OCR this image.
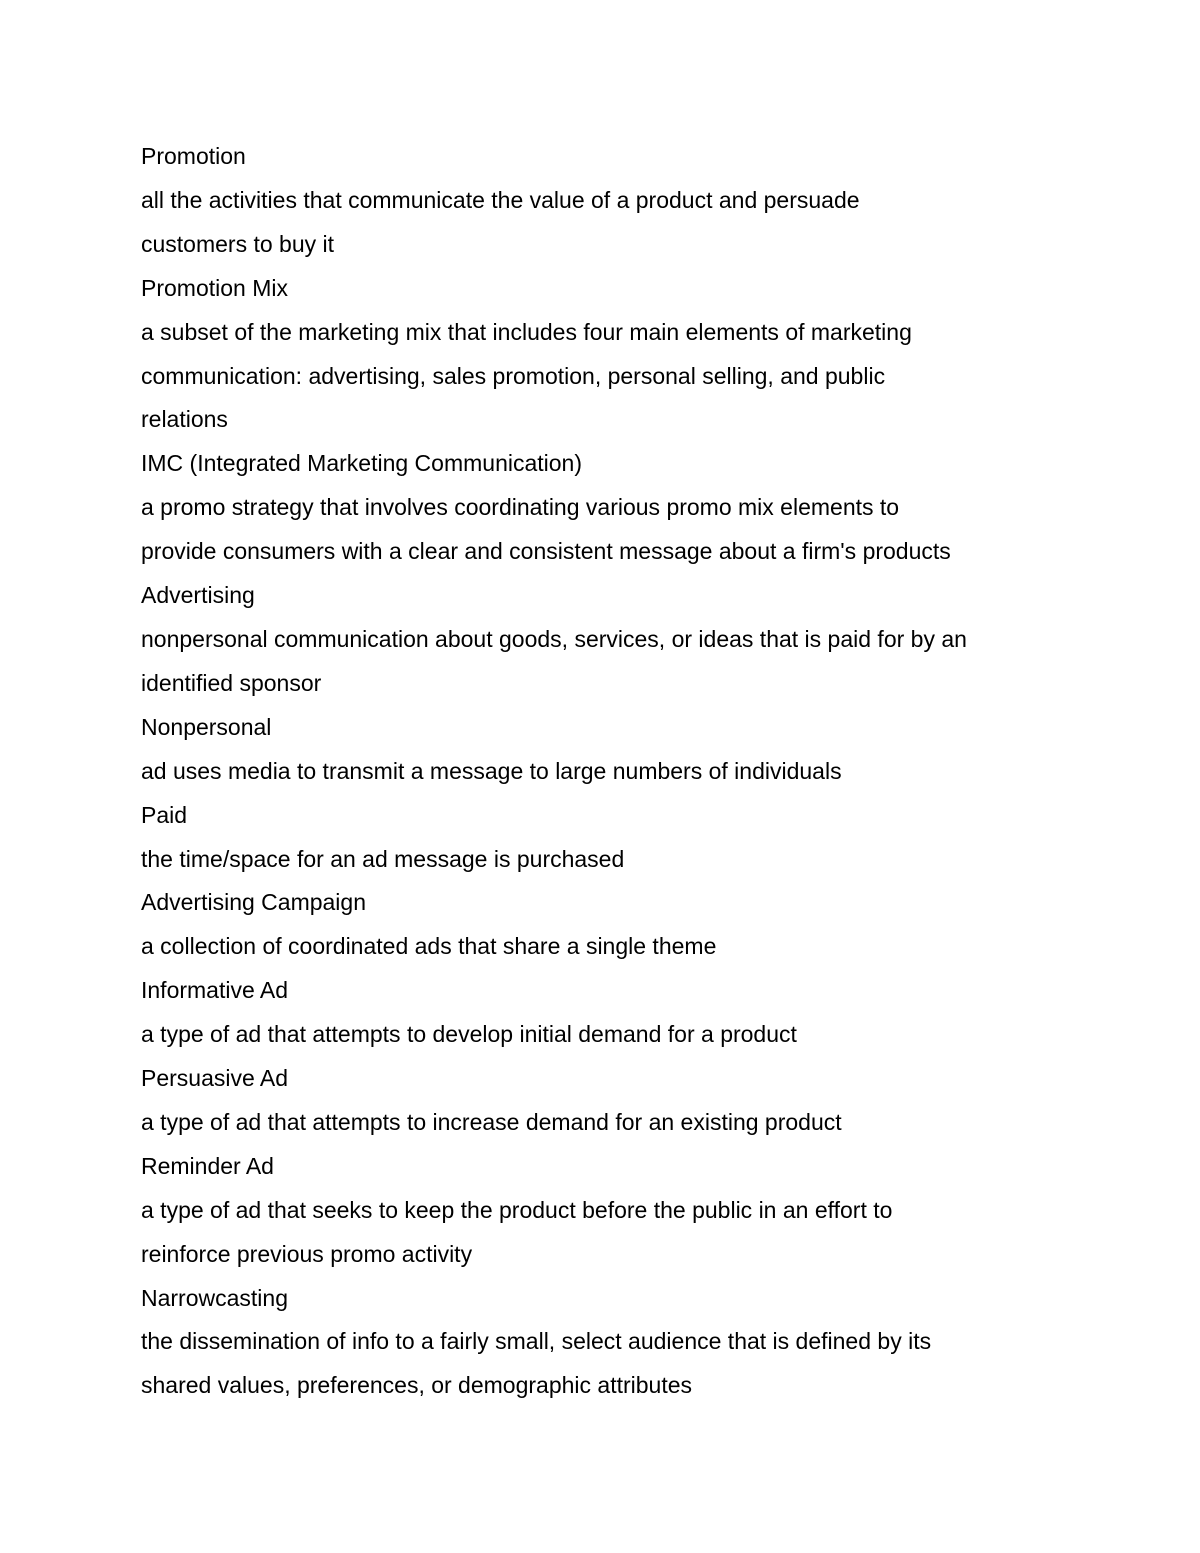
Promotion
all the activities that communicate the value of a product and persuade
customers to buy it
Promotion Mix
a subset of the marketing mix that includes four main elements of marketing
communication: advertising, sales promotion, personal selling, and public
relations
IMC (Integrated Marketing Communication)
a promo strategy that involves coordinating various promo mix elements to
provide consumers with a clear and consistent message about a firm's products
Advertising
nonpersonal communication about goods, services, or ideas that is paid for by an
identified sponsor
Nonpersonal
ad uses media to transmit a message to large numbers of individuals
Paid
the time/space for an ad message is purchased
Advertising Campaign
a collection of coordinated ads that share a single theme
Informative Ad
a type of ad that attempts to develop initial demand for a product
Persuasive Ad
a type of ad that attempts to increase demand for an existing product
Reminder Ad
a type of ad that seeks to keep the product before the public in an effort to
reinforce previous promo activity
Narrowcasting
the dissemination of info to a fairly small, select audience that is defined by its
shared values, preferences, or demographic attributes
